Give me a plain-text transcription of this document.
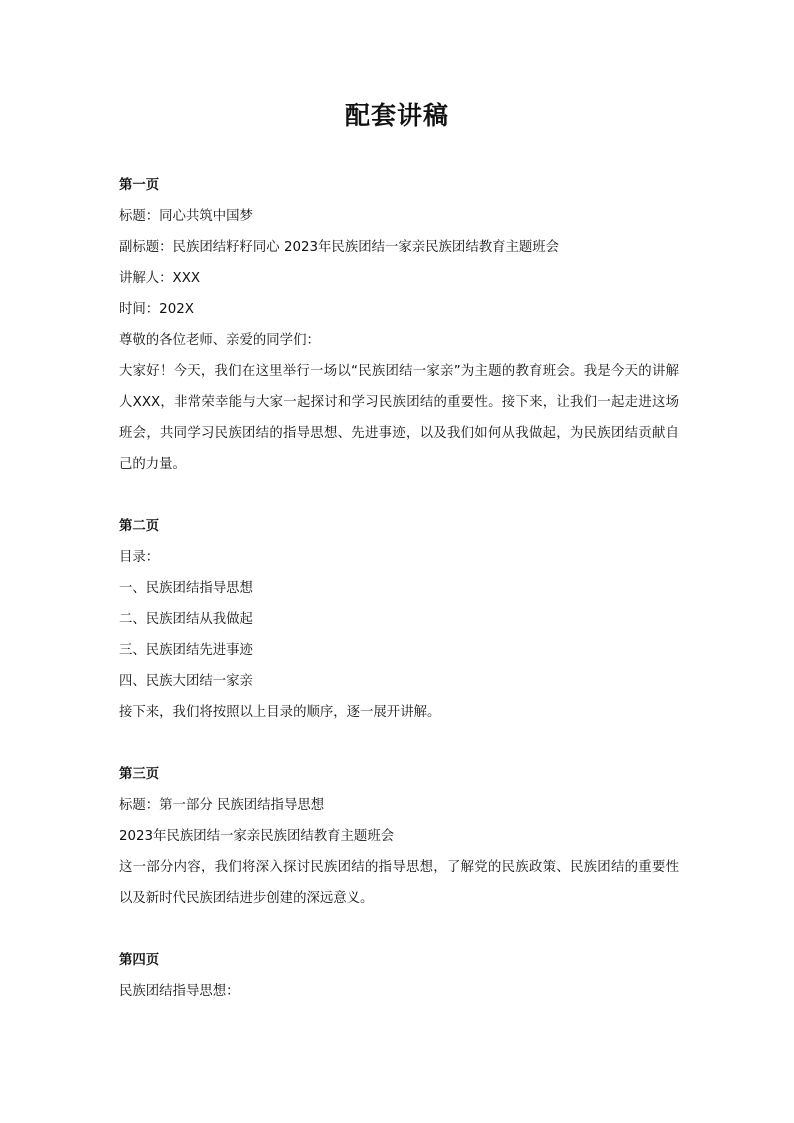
配套讲稿

第一页

标题：同心共筑中国梦

副标题：民族团结籽籽同心 2023年民族团结一家亲民族团结教育主题班会

讲解人：XXX

时间：202X

尊敬的各位老师、亲爱的同学们：

大家好！今天，我们在这里举行一场以“民族团结一家亲”为主题的教育班会。我是今天的讲解人XXX，非常荣幸能与大家一起探讨和学习民族团结的重要性。接下来，让我们一起走进这场班会，共同学习民族团结的指导思想、先进事迹，以及我们如何从我做起，为民族团结贡献自己的力量。

第二页

目录：

一、民族团结指导思想

二、民族团结从我做起

三、民族团结先进事迹

四、民族大团结一家亲

接下来，我们将按照以上目录的顺序，逐一展开讲解。

第三页

标题：第一部分 民族团结指导思想

2023年民族团结一家亲民族团结教育主题班会

这一部分内容，我们将深入探讨民族团结的指导思想，了解党的民族政策、民族团结的重要性以及新时代民族团结进步创建的深远意义。

第四页

民族团结指导思想：
